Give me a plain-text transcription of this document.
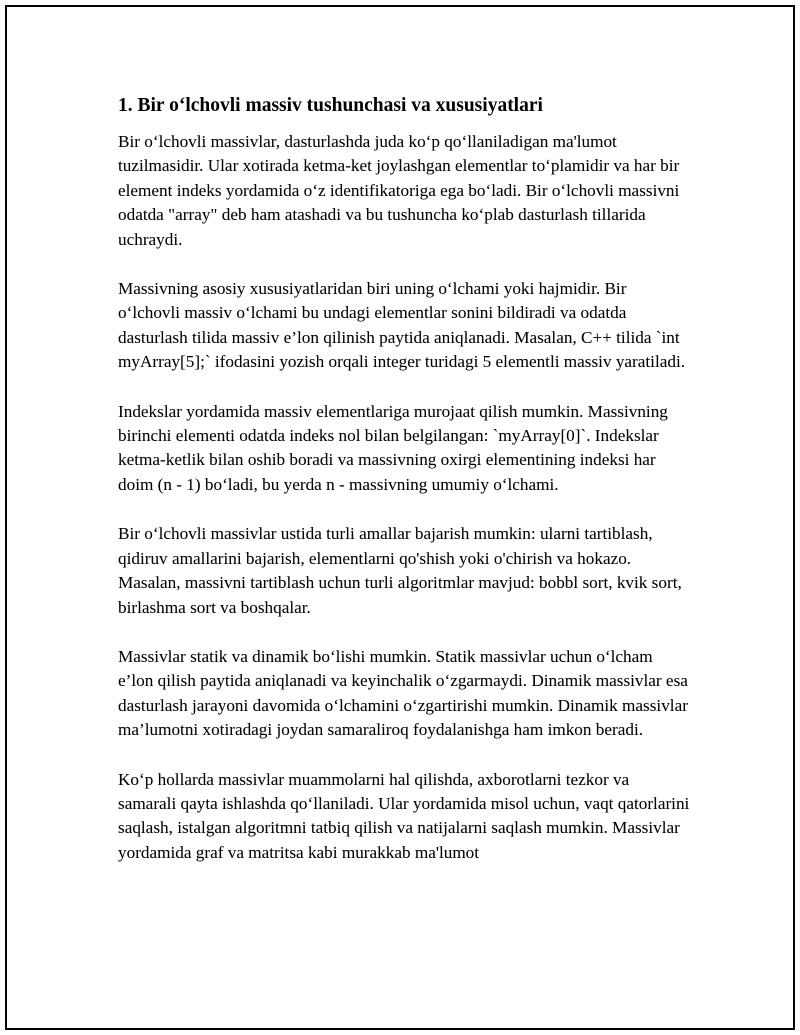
1. Bir o‘lchovli massiv tushunchasi va xususiyatlari

Bir o‘lchovli massivlar, dasturlashda juda ko‘p qo‘llaniladigan ma'lumot tuzilmasidir. Ular xotirada ketma-ket joylashgan elementlar to‘plamidir va har bir element indeks yordamida o‘z identifikatoriga ega bo‘ladi. Bir o‘lchovli massivni odatda "array" deb ham atashadi va bu tushuncha ko‘plab dasturlash tillarida uchraydi.

Massivning asosiy xususiyatlaridan biri uning o‘lchami yoki hajmidir. Bir o‘lchovli massiv o‘lchami bu undagi elementlar sonini bildiradi va odatda dasturlash tilida massiv e’lon qilinish paytida aniqlanadi. Masalan, C++ tilida `int myArray[5];` ifodasini yozish orqali integer turidagi 5 elementli massiv yaratiladi.

Indekslar yordamida massiv elementlariga murojaat qilish mumkin. Massivning birinchi elementi odatda indeks nol bilan belgilangan: `myArray[0]`. Indekslar ketma-ketlik bilan oshib boradi va massivning oxirgi elementining indeksi har doim (n - 1) bo‘ladi, bu yerda n - massivning umumiy o‘lchami.

Bir o‘lchovli massivlar ustida turli amallar bajarish mumkin: ularni tartiblash, qidiruv amallarini bajarish, elementlarni qo'shish yoki o'chirish va hokazo. Masalan, massivni tartiblash uchun turli algoritmlar mavjud: bobbl sort, kvik sort, birlashma sort va boshqalar.

Massivlar statik va dinamik bo‘lishi mumkin. Statik massivlar uchun o‘lcham e’lon qilish paytida aniqlanadi va keyinchalik o‘zgarmaydi. Dinamik massivlar esa dasturlash jarayoni davomida o‘lchamini o‘zgartirishi mumkin. Dinamik massivlar ma’lumotni xotiradagi joydan samaraliroq foydalanishga ham imkon beradi.

Ko‘p hollarda massivlar muammolarni hal qilishda, axborotlarni tezkor va samarali qayta ishlashda qo‘llaniladi. Ular yordamida misol uchun, vaqt qatorlarini saqlash, istalgan algoritmni tatbiq qilish va natijalarni saqlash mumkin. Massivlar yordamida graf va matritsa kabi murakkab ma'lumot
